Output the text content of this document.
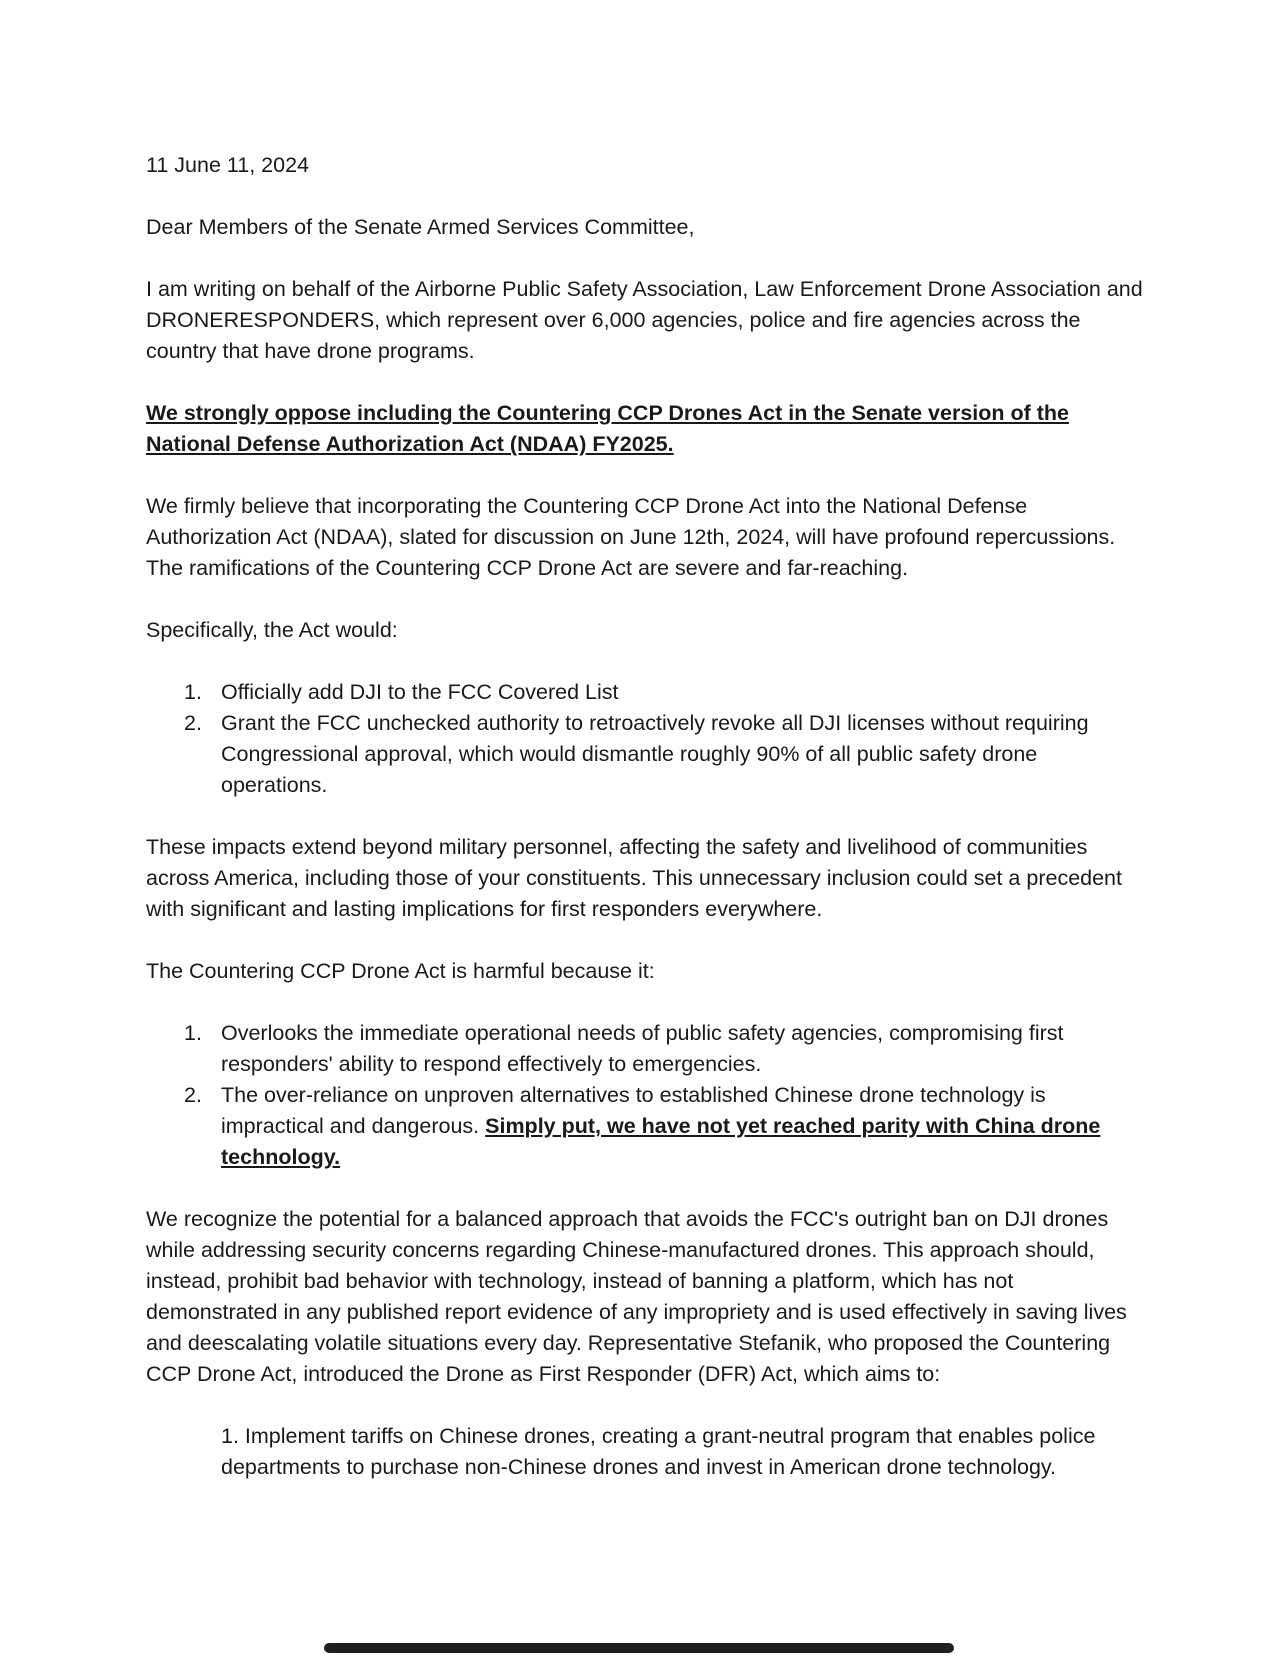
11 June 11, 2024

Dear Members of the Senate Armed Services Committee,

I am writing on behalf of the Airborne Public Safety Association, Law Enforcement Drone Association and DRONERESPONDERS, which represent over 6,000 agencies, police and fire agencies across the country that have drone programs.

We strongly oppose including the Countering CCP Drones Act in the Senate version of the National Defense Authorization Act (NDAA) FY2025.

We firmly believe that incorporating the Countering CCP Drone Act into the National Defense Authorization Act (NDAA), slated for discussion on June 12th, 2024, will have profound repercussions. The ramifications of the Countering CCP Drone Act are severe and far-reaching.

Specifically, the Act would:

1. Officially add DJI to the FCC Covered List
2. Grant the FCC unchecked authority to retroactively revoke all DJI licenses without requiring Congressional approval, which would dismantle roughly 90% of all public safety drone operations.

These impacts extend beyond military personnel, affecting the safety and livelihood of communities across America, including those of your constituents. This unnecessary inclusion could set a precedent with significant and lasting implications for first responders everywhere.

The Countering CCP Drone Act is harmful because it:

1. Overlooks the immediate operational needs of public safety agencies, compromising first responders' ability to respond effectively to emergencies.
2. The over-reliance on unproven alternatives to established Chinese drone technology is impractical and dangerous. Simply put, we have not yet reached parity with China drone technology.

We recognize the potential for a balanced approach that avoids the FCC's outright ban on DJI drones while addressing security concerns regarding Chinese-manufactured drones. This approach should, instead, prohibit bad behavior with technology, instead of banning a platform, which has not demonstrated in any published report evidence of any impropriety and is used effectively in saving lives and deescalating volatile situations every day. Representative Stefanik, who proposed the Countering CCP Drone Act, introduced the Drone as First Responder (DFR) Act, which aims to:

1. Implement tariffs on Chinese drones, creating a grant-neutral program that enables police departments to purchase non-Chinese drones and invest in American drone technology.
